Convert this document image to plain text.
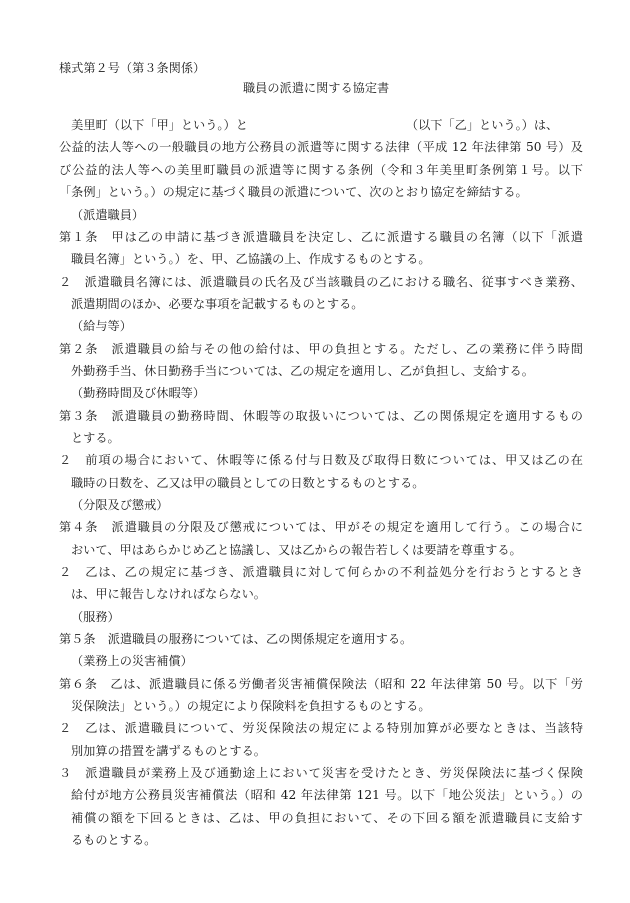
様式第２号（第３条関係）
職員の派遣に関する協定書
　美里町（以下「甲」という。）と	（以下「乙」という。）は、
公益的法人等への一般職員の地方公務員の派遣等に関する法律（平成 12 年法律第 50 号）及
び公益的法人等への美里町職員の派遣等に関する条例（令和３年美里町条例第１号。以下
「条例」という。）の規定に基づく職員の派遣について、次のとおり協定を締結する。
（派遣職員）
第１条　甲は乙の申請に基づき派遣職員を決定し、乙に派遣する職員の名簿（以下「派遣
職員名簿」という。）を、甲、乙協議の上、作成するものとする。
２　派遣職員名簿には、派遣職員の氏名及び当該職員の乙における職名、従事すべき業務、
派遣期間のほか、必要な事項を記載するものとする。
（給与等）
第２条　派遣職員の給与その他の給付は、甲の負担とする。ただし、乙の業務に伴う時間
外勤務手当、休日勤務手当については、乙の規定を適用し、乙が負担し、支給する。
（勤務時間及び休暇等）
第３条　派遣職員の勤務時間、休暇等の取扱いについては、乙の関係規定を適用するもの
とする。
２　前項の場合において、休暇等に係る付与日数及び取得日数については、甲又は乙の在
職時の日数を、乙又は甲の職員としての日数とするものとする。
（分限及び懲戒）
第４条　派遣職員の分限及び懲戒については、甲がその規定を適用して行う。この場合に
おいて、甲はあらかじめ乙と協議し、又は乙からの報告若しくは要請を尊重する。
２　乙は、乙の規定に基づき、派遣職員に対して何らかの不利益処分を行おうとするとき
は、甲に報告しなければならない。
（服務）
第５条　派遣職員の服務については、乙の関係規定を適用する。
（業務上の災害補償）
第６条　乙は、派遣職員に係る労働者災害補償保険法（昭和 22 年法律第 50 号。以下「労
災保険法」という。）の規定により保険料を負担するものとする。
２　乙は、派遣職員について、労災保険法の規定による特別加算が必要なときは、当該特
別加算の措置を講ずるものとする。
３　派遣職員が業務上及び通勤途上において災害を受けたとき、労災保険法に基づく保険
給付が地方公務員災害補償法（昭和 42 年法律第 121 号。以下「地公災法」という。）の
補償の額を下回るときは、乙は、甲の負担において、その下回る額を派遣職員に支給す
るものとする。
